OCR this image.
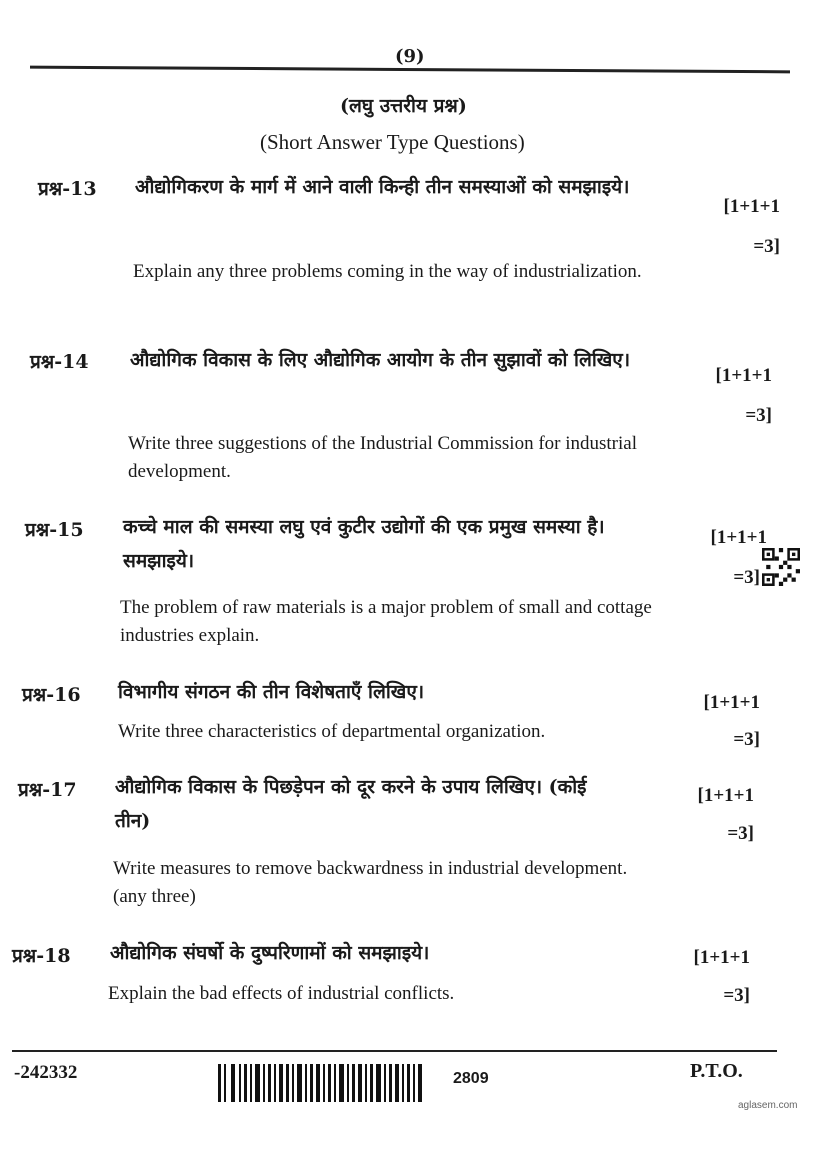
(9)
(लघु उत्तरीय प्रश्न)
(Short Answer Type Questions)
प्रश्न-13 औद्योगिकरण के मार्ग में आने वाली किन्ही तीन समस्याओं को समझाइये।
Explain any three problems coming in the way of industrialization.
[1+1+1
=3]
प्रश्न-14 औद्योगिक विकास के लिए औद्योगिक आयोग के तीन सुझावों को लिखिए।
Write three suggestions of the Industrial Commission for industrial development.
[1+1+1
=3]
प्रश्न-15 कच्चे माल की समस्या लघु एवं कुटीर उद्योगों की एक प्रमुख समस्या है। समझाइये।
The problem of raw materials is a major problem of small and cottage industries explain.
[1+1+1
=3]
प्रश्न-16 विभागीय संगठन की तीन विशेषताएँ लिखिए।
Write three characteristics of departmental organization.
[1+1+1
=3]
प्रश्न-17 औद्योगिक विकास के पिछड़ेपन को दूर करने के उपाय लिखिए। (कोई तीन)
Write measures to remove backwardness in industrial development. (any three)
[1+1+1
=3]
प्रश्न-18 औद्योगिक संघर्षो के दुष्परिणामों को समझाइये।
Explain the bad effects of industrial conflicts.
[1+1+1
=3]
-242332	2809	P.T.O.
aglasem.com
